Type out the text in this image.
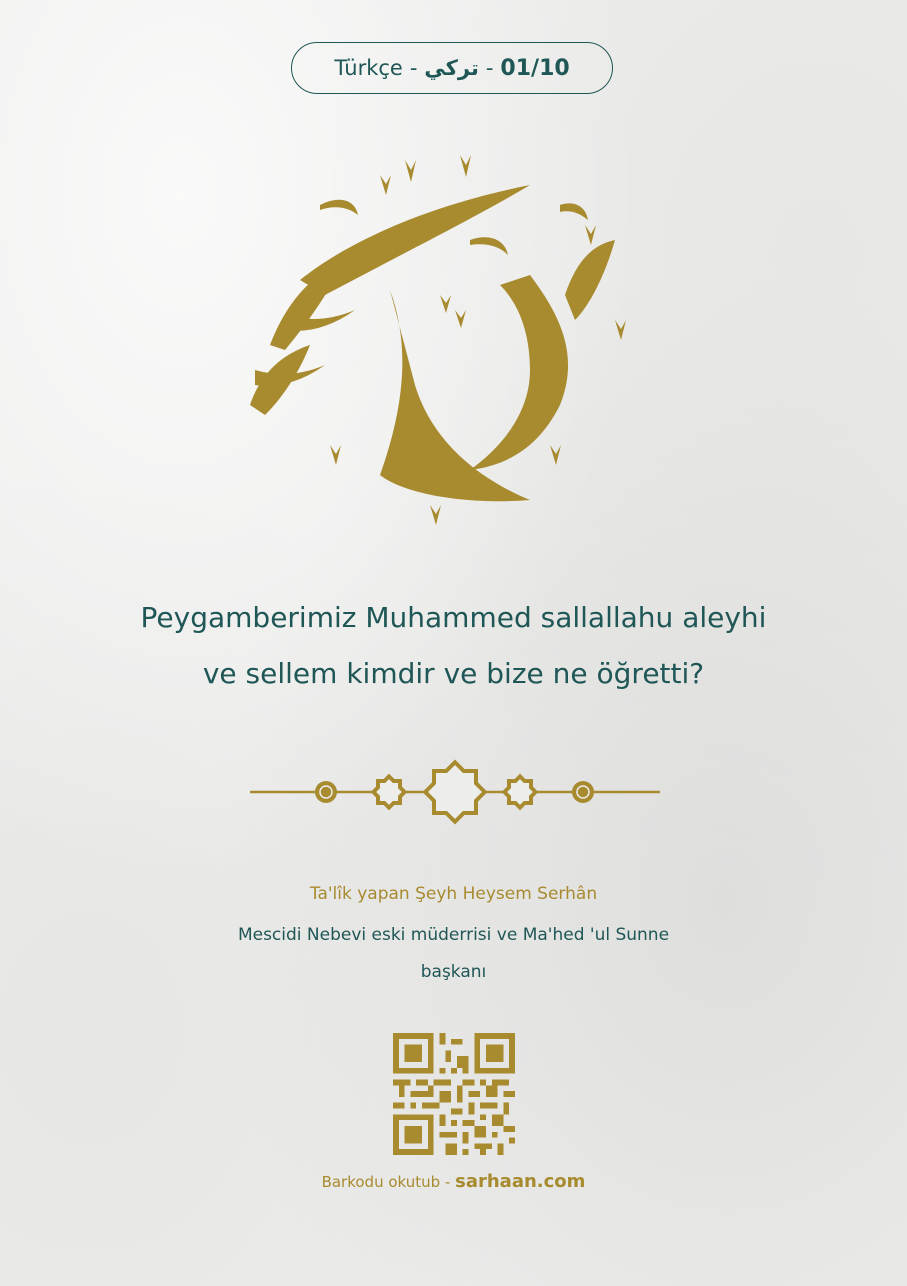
Türkçe - تركي - 01/10
Peygamberimiz Muhammed sallallahu aleyhi
ve sellem kimdir ve bize ne öğretti?
Ta'lîk yapan Şeyh Heysem Serhân
Mescidi Nebevi eski müderrisi ve Ma'hed 'ul Sunne
başkanı
Barkodu okutub - sarhaan.com
